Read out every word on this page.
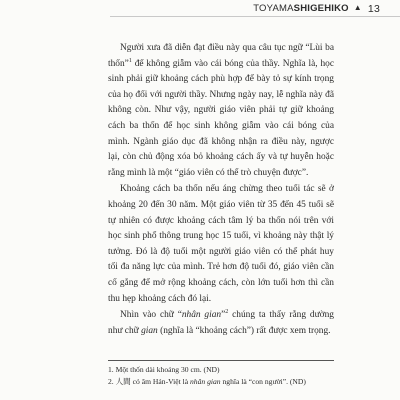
TOYAMA SHIGEHIKO ▲ 13

Người xưa đã diễn đạt điều này qua câu tục ngữ “Lùi ba thốn”$^1$ để không giẫm vào cái bóng của thầy. Nghĩa là, học sinh phải giữ khoảng cách phù hợp để bày tỏ sự kính trọng của họ đối với người thầy. Nhưng ngày nay, lễ nghĩa này đã không còn. Như vậy, người giáo viên phải tự giữ khoảng cách ba thốn để học sinh không giẫm vào cái bóng của mình. Ngành giáo dục đã không nhận ra điều này, ngược lại, còn chủ động xóa bỏ khoảng cách ấy và tự huyễn hoặc rằng mình là một “giáo viên có thể trò chuyện được”.

Khoảng cách ba thốn nếu áng chừng theo tuổi tác sẽ ở khoảng 20 đến 30 năm. Một giáo viên từ 35 đến 45 tuổi sẽ tự nhiên có được khoảng cách tâm lý ba thốn nói trên với học sinh phổ thông trung học 15 tuổi, vì khoảng này thật lý tưởng. Đó là độ tuổi một người giáo viên có thể phát huy tối đa năng lực của mình. Trẻ hơn độ tuổi đó, giáo viên cần cố gắng để mở rộng khoảng cách, còn lớn tuổi hơn thì cần thu hẹp khoảng cách đó lại.

Nhìn vào chữ “nhân gian”$^2$ chúng ta thấy rằng dường như chữ gian (nghĩa là “khoảng cách”) rất được xem trọng.

1. Một thốn dài khoảng 30 cm. (ND)
2. 人間 có âm Hán-Việt là nhân gian nghĩa là “con người”. (ND)
